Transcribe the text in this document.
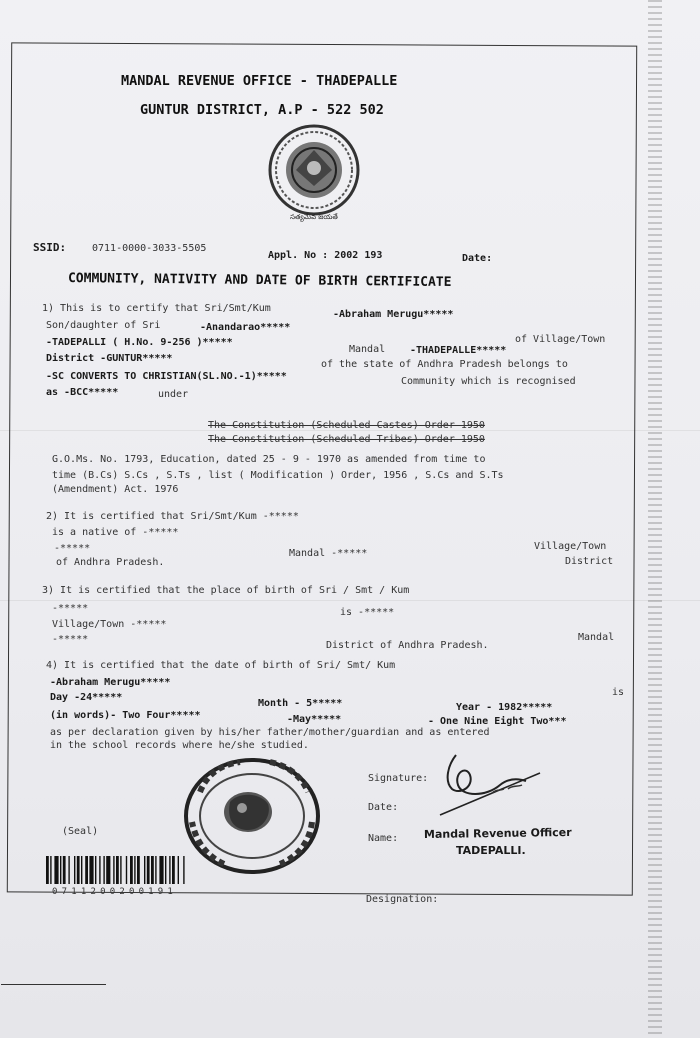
MANDAL REVENUE OFFICE - THADEPALLE
GUNTUR DISTRICT, A.P - 522 502
సత్యమేవ జయతే
SSID:	0711-0000-3033-5505
Appl. No : 2002 193	Date:
COMMUNITY, NATIVITY AND DATE OF BIRTH CERTIFICATE
1) This is to certify that Sri/Smt/Kum
-Abraham Merugu*****
Son/daughter of Sri	-Anandarao*****
of Village/Town
-TADEPALLI ( H.No. 9-256 )*****
Mandal -THADEPALLE*****
District -GUNTUR*****
of the state of Andhra Pradesh belongs to
-SC CONVERTS TO CHRISTIAN(SL.NO.-1)*****	Community which is recognised
as -BCC*****	under
The Constitution (Scheduled Castes) Order 1950
The Constitution (Scheduled Tribes) Order 1950
G.O.Ms. No. 1793, Education, dated 25 - 9 - 1970 as amended from time to
time (B.Cs) S.Cs , S.Ts , list ( Modification ) Order, 1956 , S.Cs and S.Ts
(Amendment) Act. 1976
2) It is certified that Sri/Smt/Kum -*****
is a native of -*****
Village/Town
-*****	Mandal -*****
District
of Andhra Pradesh.
3) It is certified that the place of birth of Sri / Smt / Kum
-*****	is -*****
Village/Town -*****
-*****	Mandal
District of Andhra Pradesh.
4) It is certified that the date of birth of Sri/ Smt/ Kum
-Abraham Merugu*****
is
Day -24*****
Month - 5*****	Year - 1982*****
(in words)- Two Four*****	-May*****	- One Nine Eight Two***
as per declaration given by his/her father/mother/guardian and as entered
in the school records where he/she studied.
Signature:
Date:
Name: Mandal Revenue Officer
TADEPALLI.
(Seal)
Designation:
0711200200191
